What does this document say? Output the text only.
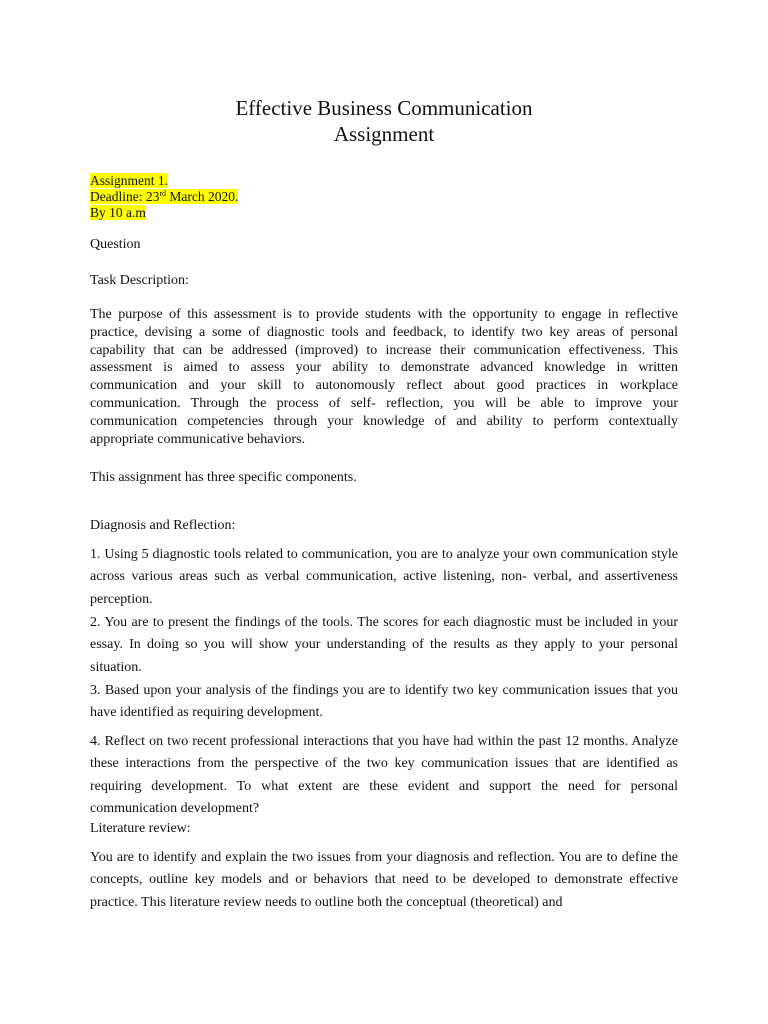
Effective Business Communication
Assignment
Assignment 1.
Deadline: 23rd March 2020.
By 10 a.m
Question
Task Description:
The purpose of this assessment is to provide students with the opportunity to engage in reflective practice, devising a some of diagnostic tools and feedback, to identify two key areas of personal capability that can be addressed (improved) to increase their communication effectiveness. This assessment is aimed to assess your ability to demonstrate advanced knowledge in written communication and your skill to autonomously reflect about good practices in workplace communication. Through the process of self- reflection, you will be able to improve your communication competencies through your knowledge of and ability to perform contextually appropriate communicative behaviors.
This assignment has three specific components.
Diagnosis and Reflection:
1. Using 5 diagnostic tools related to communication, you are to analyze your own communication style across various areas such as verbal communication, active listening, non- verbal, and assertiveness perception.
2. You are to present the findings of the tools. The scores for each diagnostic must be included in your essay. In doing so you will show your understanding of the results as they apply to your personal situation.
3. Based upon your analysis of the findings you are to identify two key communication issues that you have identified as requiring development.
4. Reflect on two recent professional interactions that you have had within the past 12 months. Analyze these interactions from the perspective of the two key communication issues that are identified as requiring development. To what extent are these evident and support the need for personal communication development?
Literature review:
You are to identify and explain the two issues from your diagnosis and reflection. You are to define the concepts, outline key models and or behaviors that need to be developed to demonstrate effective practice. This literature review needs to outline both the conceptual (theoretical) and
